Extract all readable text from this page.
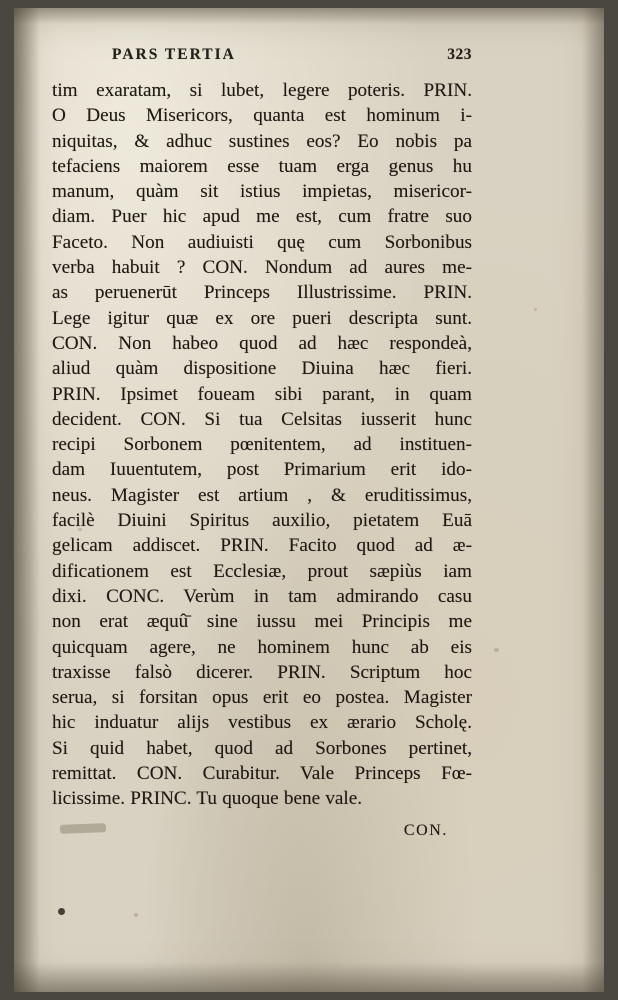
PARS TERTIA	323

tim exaratam, si lubet, legere poteris. PRIN.
O Deus Misericors, quanta est hominum i-
niquitas, & adhuc sustines eos? Eo nobis pa
tefaciens maiorem esse tuam erga genus hu
manum, quàm sit istius impietas, misericor-
diam. Puer hic apud me est, cum fratre suo
Faceto. Non audiuisti quę cum Sorbonibus
verba habuit ? CON. Nondum ad aures me-
as peruenerūt Princeps Illustrissime. PRIN.
Lege igitur quæ ex ore pueri descripta sunt.
CON. Non habeo quod ad hæc respondeà,
aliud quàm dispositione Diuina hæc fieri.
PRIN. Ipsimet foueam sibi parant, in quam
decident. CON. Si tua Celsitas iusserit hunc
recipi Sorbonem pœnitentem, ad instituen-
dam Iuuentutem, post Primarium erit ido-
neus. Magister est artium , & eruditissimus,
facilè Diuini Spiritus auxilio, pietatem Euā
gelicam addiscet. PRIN. Facito quod ad æ-
dificationem est Ecclesiæ, prout sæpiùs iam
dixi. CONC. Verùm in tam admirando casu
non erat æquû̄ sine iussu mei Principis me
quicquam agere, ne hominem hunc ab eis
traxisse falsò dicerer. PRIN. Scriptum hoc
serua, si forsitan opus erit eo postea. Magister
hic induatur alijs vestibus ex ærario Scholę.
Si quid habet, quod ad Sorbones pertinet,
remittat. CON. Curabitur. Vale Princeps Fœ-
licissime. PRINC. Tu quoque bene vale.

CON.
